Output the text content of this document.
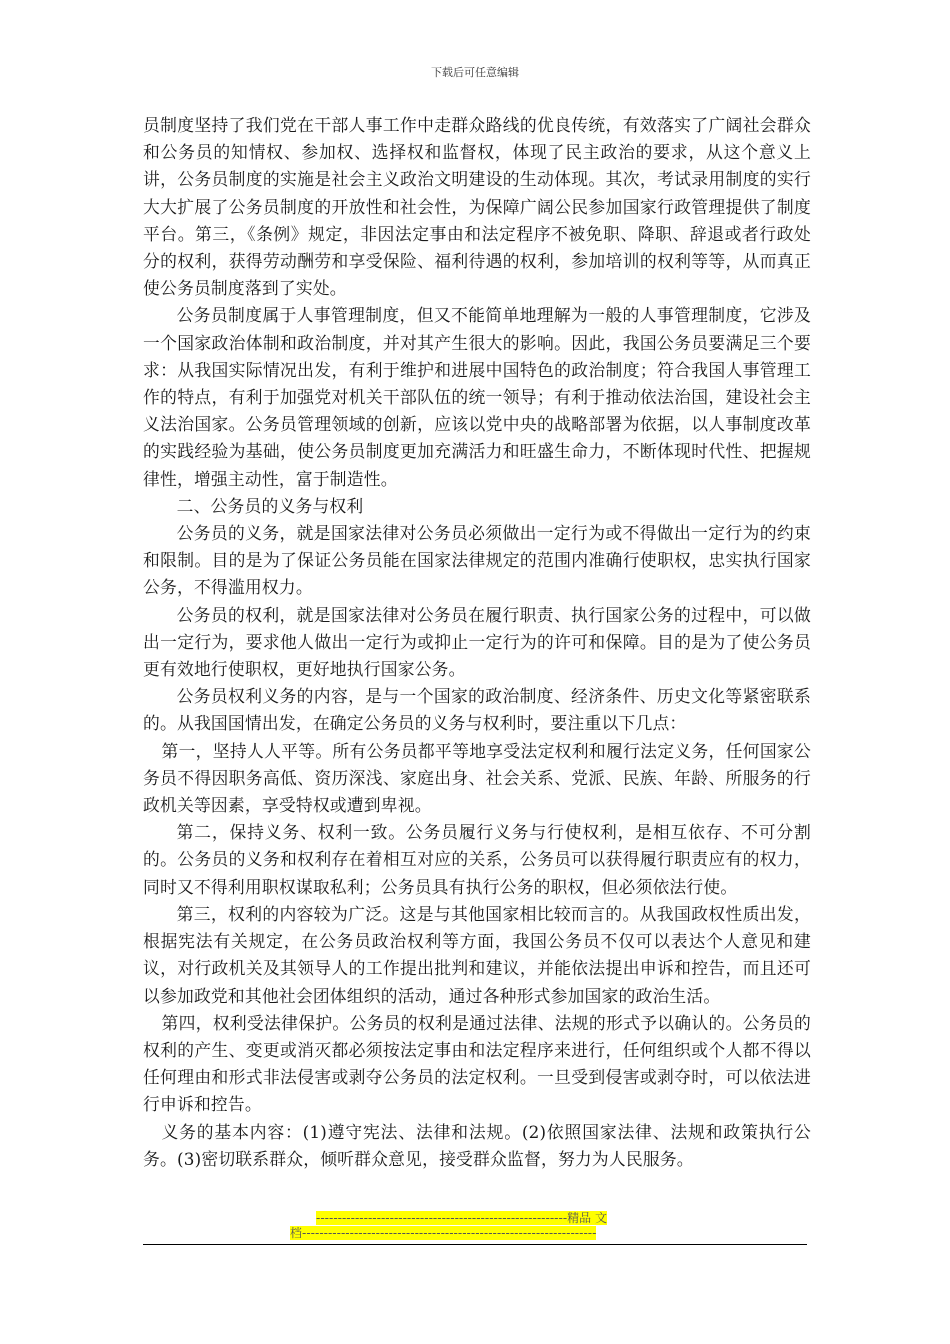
下载后可任意编辑

员制度坚持了我们党在干部人事工作中走群众路线的优良传统，有效落实了广阔社会群众和公务员的知情权、参加权、选择权和监督权，体现了民主政治的要求，从这个意义上讲，公务员制度的实施是社会主义政治文明建设的生动体现。其次，考试录用制度的实行大大扩展了公务员制度的开放性和社会性，为保障广阔公民参加国家行政管理提供了制度平台。第三，《条例》规定，非因法定事由和法定程序不被免职、降职、辞退或者行政处分的权利，获得劳动酬劳和享受保险、福利待遇的权利，参加培训的权利等等，从而真正使公务员制度落到了实处。

公务员制度属于人事管理制度，但又不能简单地理解为一般的人事管理制度，它涉及一个国家政治体制和政治制度，并对其产生很大的影响。因此，我国公务员要满足三个要求：从我国实际情况出发，有利于维护和进展中国特色的政治制度；符合我国人事管理工作的特点，有利于加强党对机关干部队伍的统一领导；有利于推动依法治国，建设社会主义法治国家。公务员管理领域的创新，应该以党中央的战略部署为依据，以人事制度改革的实践经验为基础，使公务员制度更加充满活力和旺盛生命力，不断体现时代性、把握规律性，增强主动性，富于制造性。

二、公务员的义务与权利

公务员的义务，就是国家法律对公务员必须做出一定行为或不得做出一定行为的约束和限制。目的是为了保证公务员能在国家法律规定的范围内准确行使职权，忠实执行国家公务，不得滥用权力。

公务员的权利，就是国家法律对公务员在履行职责、执行国家公务的过程中，可以做出一定行为，要求他人做出一定行为或抑止一定行为的许可和保障。目的是为了使公务员更有效地行使职权，更好地执行国家公务。

公务员权利义务的内容，是与一个国家的政治制度、经济条件、历史文化等紧密联系的。从我国国情出发，在确定公务员的义务与权利时，要注重以下几点：

第一，坚持人人平等。所有公务员都平等地享受法定权利和履行法定义务，任何国家公务员不得因职务高低、资历深浅、家庭出身、社会关系、党派、民族、年龄、所服务的行政机关等因素，享受特权或遭到卑视。

第二，保持义务、权利一致。公务员履行义务与行使权利，是相互依存、不可分割的。公务员的义务和权利存在着相互对应的关系，公务员可以获得履行职责应有的权力，同时又不得利用职权谋取私利；公务员具有执行公务的职权，但必须依法行使。

第三，权利的内容较为广泛。这是与其他国家相比较而言的。从我国政权性质出发，根据宪法有关规定，在公务员政治权利等方面，我国公务员不仅可以表达个人意见和建议，对行政机关及其领导人的工作提出批判和建议，并能依法提出申诉和控告，而且还可以参加政党和其他社会团体组织的活动，通过各种形式参加国家的政治生活。

第四，权利受法律保护。公务员的权利是通过法律、法规的形式予以确认的。公务员的权利的产生、变更或消灭都必须按法定事由和法定程序来进行，任何组织或个人都不得以任何理由和形式非法侵害或剥夺公务员的法定权利。一旦受到侵害或剥夺时，可以依法进行申诉和控告。

义务的基本内容：(1)遵守宪法、法律和法规。(2)依照国家法律、法规和政策执行公务。(3)密切联系群众，倾听群众意见，接受群众监督，努力为人民服务。

----------------------------------------------------------精品 文
档--------------------------------------------------------------------
